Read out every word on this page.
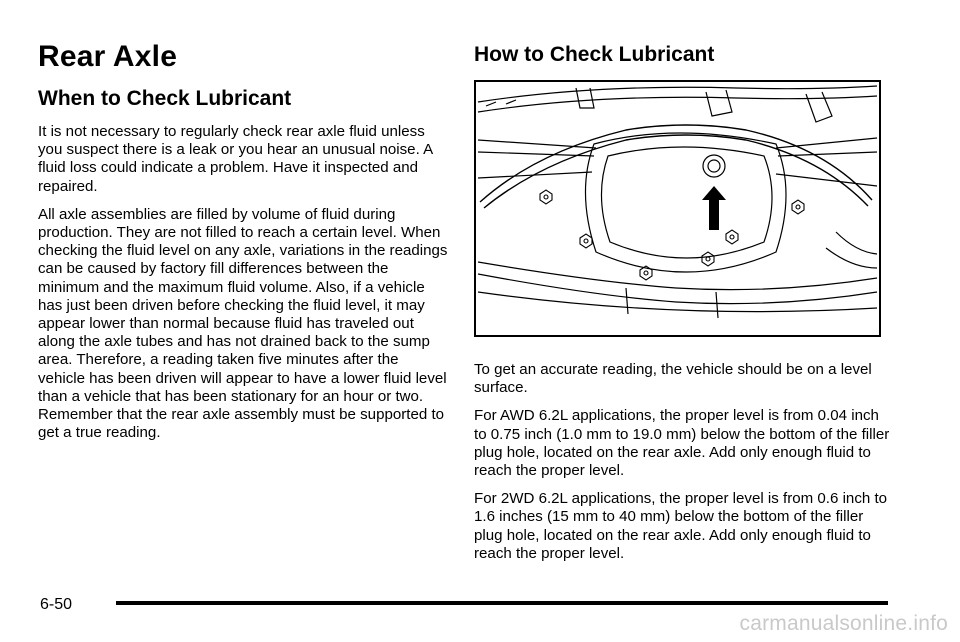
Rear Axle
When to Check Lubricant

It is not necessary to regularly check rear axle fluid unless you suspect there is a leak or you hear an unusual noise. A fluid loss could indicate a problem. Have it inspected and repaired.

All axle assemblies are filled by volume of fluid during production. They are not filled to reach a certain level. When checking the fluid level on any axle, variations in the readings can be caused by factory fill differences between the minimum and the maximum fluid volume. Also, if a vehicle has just been driven before checking the fluid level, it may appear lower than normal because fluid has traveled out along the axle tubes and has not drained back to the sump area. Therefore, a reading taken five minutes after the vehicle has been driven will appear to have a lower fluid level than a vehicle that has been stationary for an hour or two. Remember that the rear axle assembly must be supported to get a true reading.

How to Check Lubricant

To get an accurate reading, the vehicle should be on a level surface.

For AWD 6.2L applications, the proper level is from 0.04 inch to 0.75 inch (1.0 mm to 19.0 mm) below the bottom of the filler plug hole, located on the rear axle. Add only enough fluid to reach the proper level.

For 2WD 6.2L applications, the proper level is from 0.6 inch to 1.6 inches (15 mm to 40 mm) below the bottom of the filler plug hole, located on the rear axle. Add only enough fluid to reach the proper level.

6-50
carmanualsonline.info
